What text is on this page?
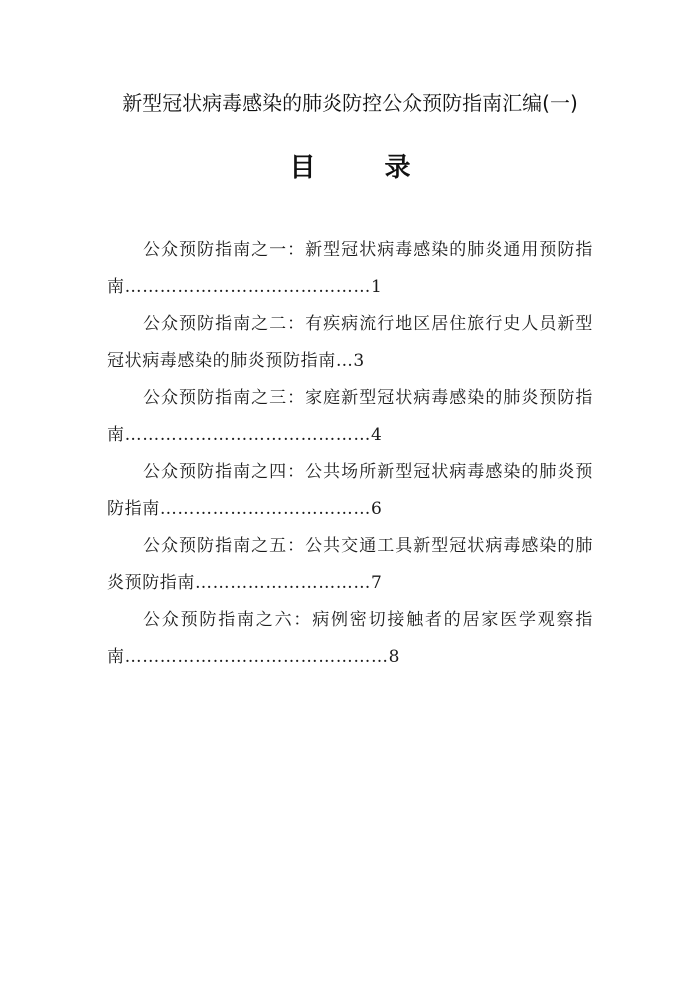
新型冠状病毒感染的肺炎防控公众预防指南汇编(一)
目 录
公众预防指南之一：新型冠状病毒感染的肺炎通用预防指南……………………………………1
公众预防指南之二：有疾病流行地区居住旅行史人员新型冠状病毒感染的肺炎预防指南…3
公众预防指南之三：家庭新型冠状病毒感染的肺炎预防指南……………………………………4
公众预防指南之四：公共场所新型冠状病毒感染的肺炎预防指南………………………………6
公众预防指南之五：公共交通工具新型冠状病毒感染的肺炎预防指南…………………………7
公众预防指南之六：病例密切接触者的居家医学观察指南………………………………………8
